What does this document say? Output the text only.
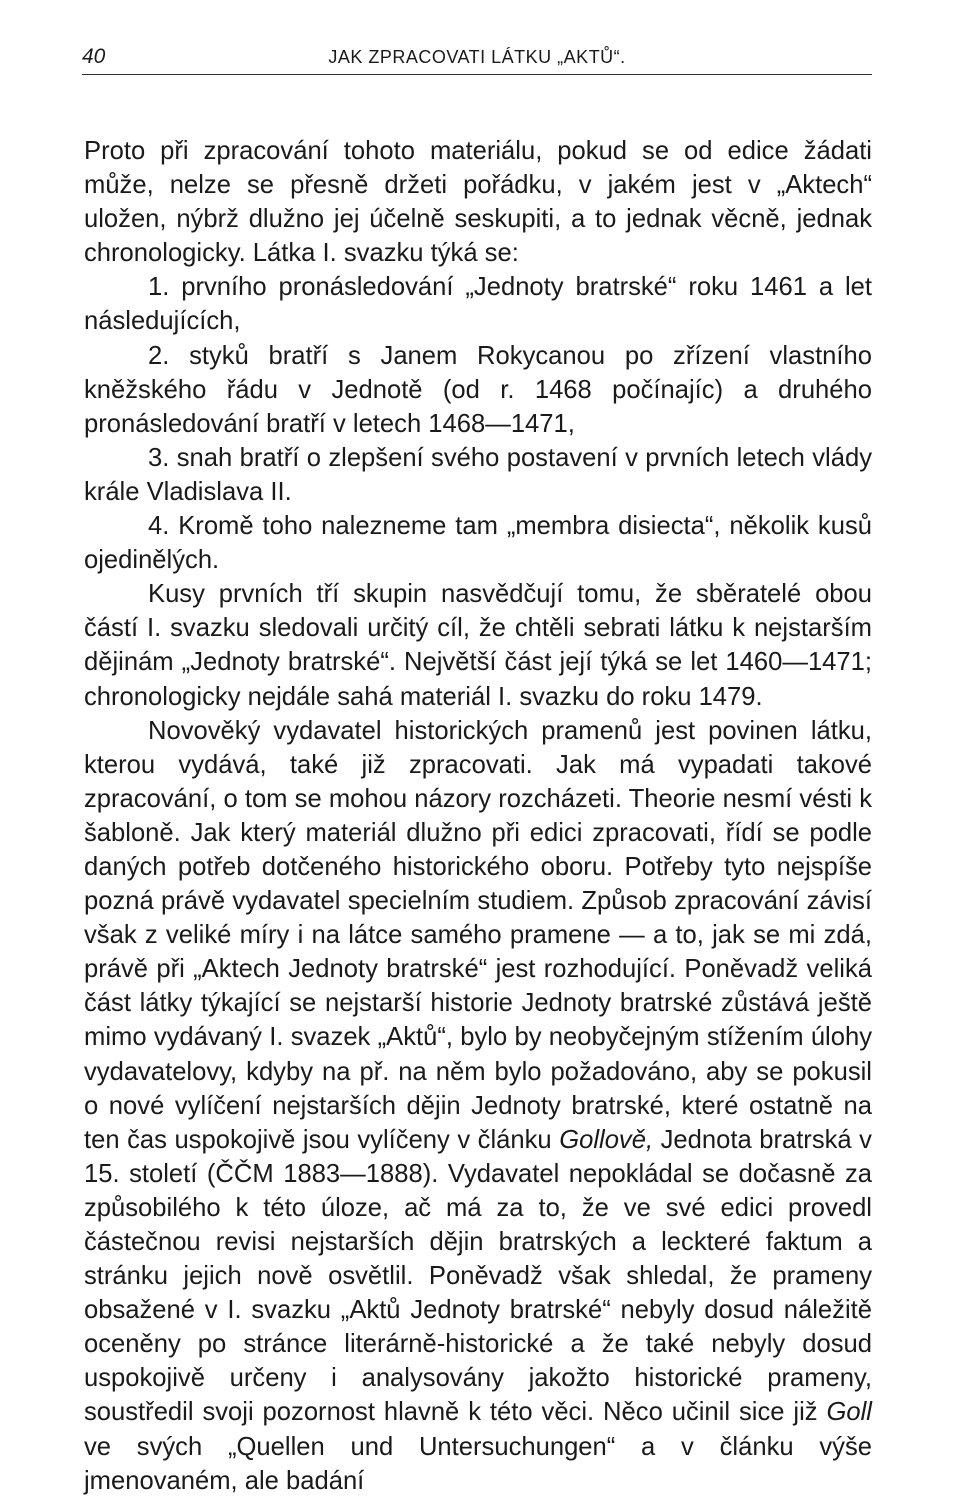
40	JAK ZPRACOVATI LÁTKU „AKTŮ“.

Proto při zpracování tohoto materiálu, pokud se od edice žádati může, nelze se přesně držeti pořádku, v jakém jest v „Aktech“ uložen, nýbrž dlužno jej účelně seskupiti, a to jednak věcně, jednak chronologicky. Látka I. svazku týká se:

1. prvního pronásledování „Jednoty bratrské“ roku 1461 a let následujících,

2. styků bratří s Janem Rokycanou po zřízení vlastního kněžského řádu v Jednotě (od r. 1468 počínajíc) a druhého pronásledování bratří v letech 1468—1471,

3. snah bratří o zlepšení svého postavení v prvních letech vlády krále Vladislava II.

4. Kromě toho nalezneme tam „membra disiecta“, několik kusů ojedinělých.

Kusy prvních tří skupin nasvědčují tomu, že sběratelé obou částí I. svazku sledovali určitý cíl, že chtěli sebrati látku k nejstarším dějinám „Jednoty bratrské“. Největší část její týká se let 1460—1471; chronologicky nejdále sahá materiál I. svazku do roku 1479.

Novověký vydavatel historických pramenů jest povinen látku, kterou vydává, také již zpracovati. Jak má vypadati takové zpracování, o tom se mohou názory rozcházeti. Theorie nesmí vésti k šabloně. Jak který materiál dlužno při edici zpracovati, řídí se podle daných potřeb dotčeného historického oboru. Potřeby tyto nejspíše pozná právě vydavatel specielním studiem. Způsob zpracování závisí však z veliké míry i na látce samého pramene — a to, jak se mi zdá, právě při „Aktech Jednoty bratrské“ jest rozhodující. Poněvadž veliká část látky týkající se nejstarší historie Jednoty bratrské zůstává ještě mimo vydávaný I. svazek „Aktů“, bylo by neobyčejným stížením úlohy vydavatelovy, kdyby na př. na něm bylo požadováno, aby se pokusil o nové vylíčení nejstarších dějin Jednoty bratrské, které ostatně na ten čas uspokojivě jsou vylíčeny v článku Gollově, Jednota bratrská v 15. století (ČČM 1883—1888). Vydavatel nepokládal se dočasně za způsobilého k této úloze, ač má za to, že ve své edici provedl částečnou revisi nejstarších dějin bratrských a leckteré faktum a stránku jejich nově osvětlil. Poněvadž však shledal, že prameny obsažené v I. svazku „Aktů Jednoty bratrské“ nebyly dosud náležitě oceněny po stránce literárně-historické a že také nebyly dosud uspokojivě určeny i analysovány jakožto historické prameny, soustředil svoji pozornost hlavně k této věci. Něco učinil sice již Goll ve svých „Quellen und Untersuchungen“ a v článku výše jmenovaném, ale badání
